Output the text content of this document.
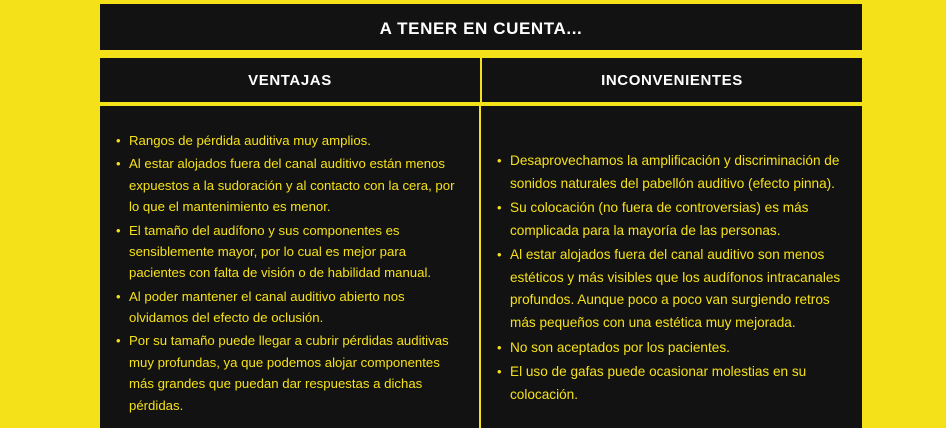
A TENER EN CUENTA...
VENTAJAS	INCONVENIENTES
• Rangos de pérdida auditiva muy amplios.
• Al estar alojados fuera del canal auditivo están menos expuestos a la sudoración y al contacto con la cera, por lo que el mantenimiento es menor.
• El tamaño del audífono y sus componentes es sensiblemente mayor, por lo cual es mejor para pacientes con falta de visión o de habilidad manual.
• Al poder mantener el canal auditivo abierto nos olvidamos del efecto de oclusión.
• Por su tamaño puede llegar a cubrir pérdidas auditivas muy profundas, ya que podemos alojar componentes más grandes que puedan dar respuestas a dichas pérdidas.
• Desaprovechamos la amplificación y discriminación de sonidos naturales del pabellón auditivo (efecto pinna).
• Su colocación (no fuera de controversias) es más complicada para la mayoría de las personas.
• Al estar alojados fuera del canal auditivo son menos estéticos y más visibles que los audífonos intracanales profundos. Aunque poco a poco van surgiendo retros más pequeños con una estética muy mejorada.
• No son aceptados por los pacientes.
• El uso de gafas puede ocasionar molestias en su colocación.
